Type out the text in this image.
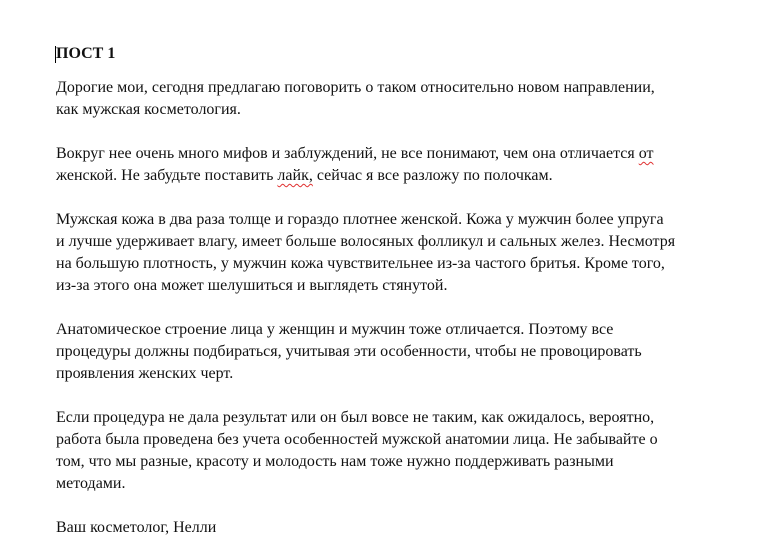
ПОСТ 1

Дорогие мои, сегодня предлагаю поговорить о таком относительно новом направлении,
как мужская косметология.

Вокруг нее очень много мифов и заблуждений, не все понимают, чем она отличается от
женской. Не забудьте поставить лайк, сейчас я все разложу по полочкам.

Мужская кожа в два раза толще и гораздо плотнее женской. Кожа у мужчин более упруга
и лучше удерживает влагу, имеет больше волосяных фолликул и сальных желез. Несмотря
на большую плотность, у мужчин кожа чувствительнее из-за частого бритья. Кроме того,
из-за этого она может шелушиться и выглядеть стянутой.

Анатомическое строение лица у женщин и мужчин тоже отличается. Поэтому все
процедуры должны подбираться, учитывая эти особенности, чтобы не провоцировать
проявления женских черт.

Если процедура не дала результат или он был вовсе не таким, как ожидалось, вероятно,
работа была проведена без учета особенностей мужской анатомии лица. Не забывайте о
том, что мы разные, красоту и молодость нам тоже нужно поддерживать разными
методами.

Ваш косметолог, Нелли
